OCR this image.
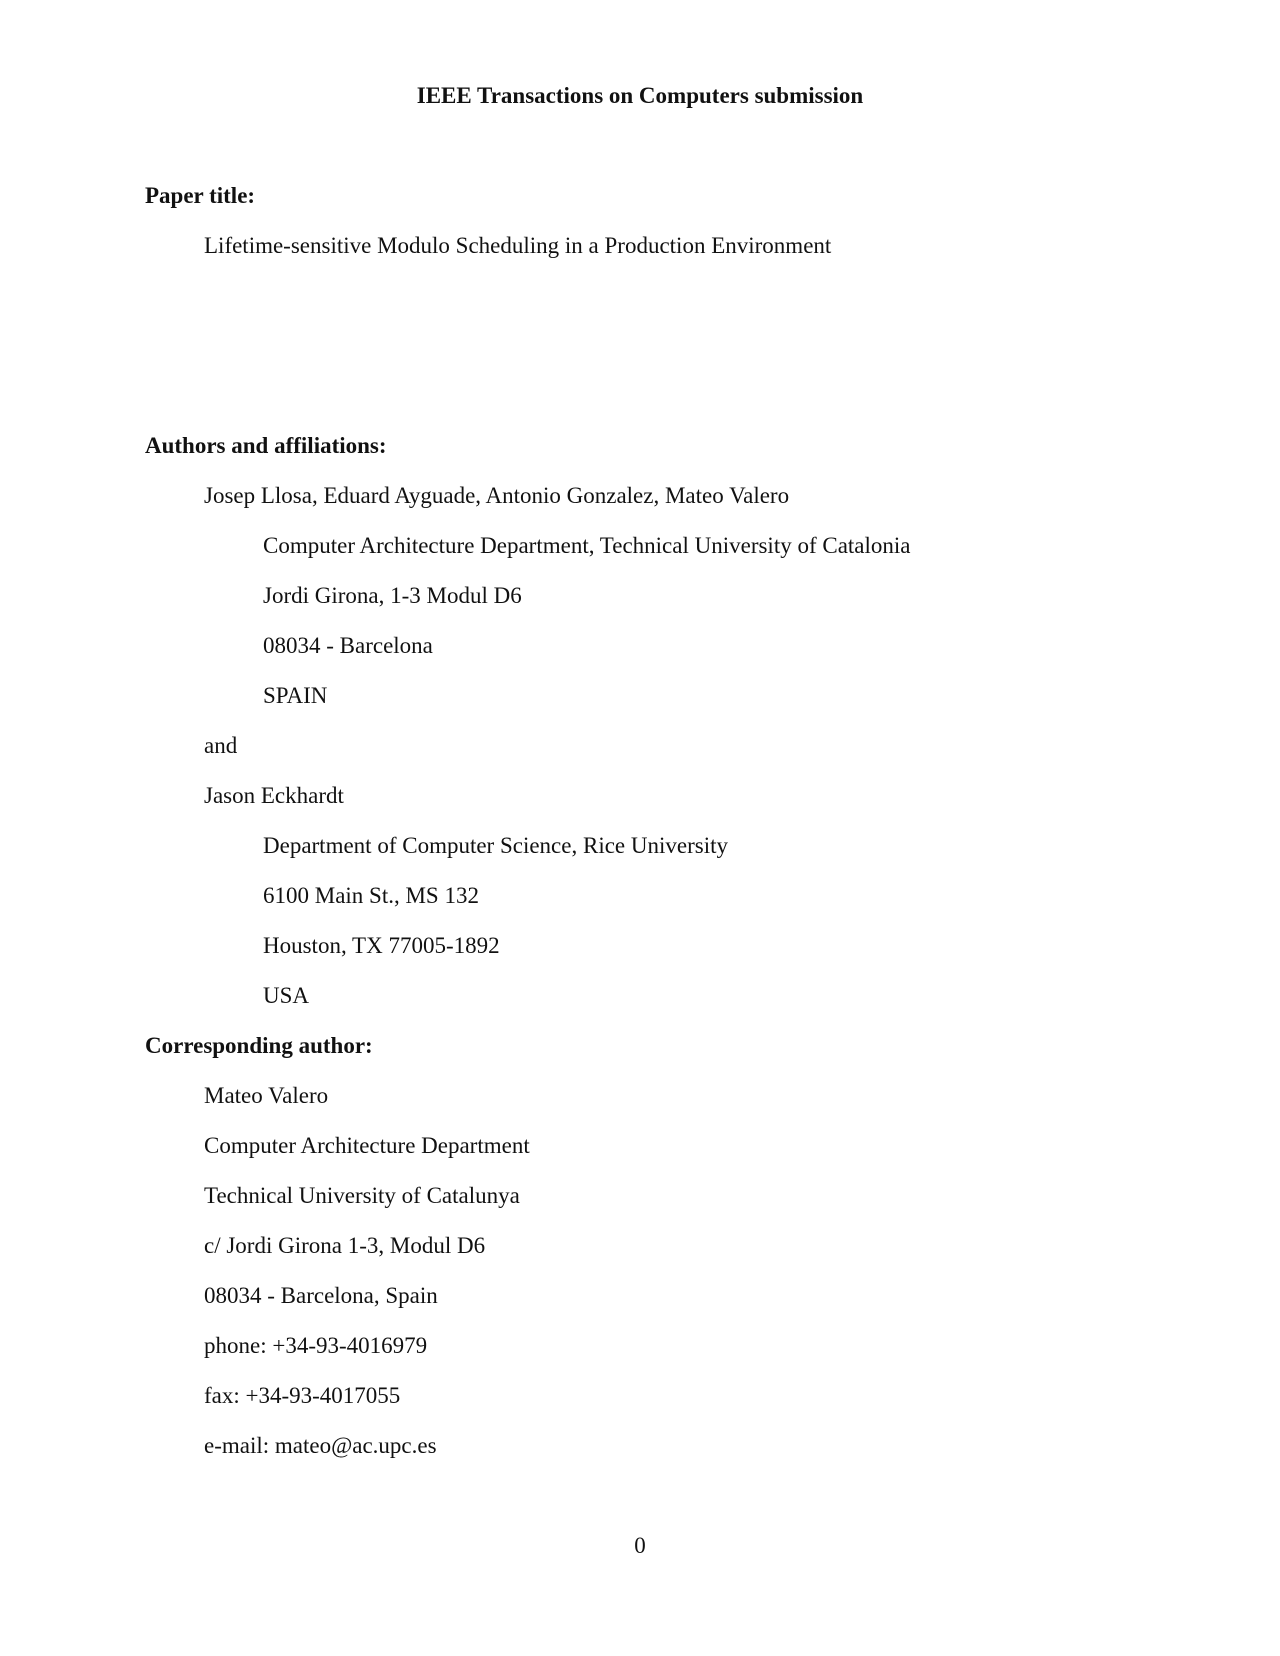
IEEE Transactions on Computers submission
Paper title:
Lifetime-sensitive Modulo Scheduling in a Production Environment
Authors and affiliations:
Josep Llosa, Eduard Ayguade, Antonio Gonzalez, Mateo Valero
Computer Architecture Department, Technical University of Catalonia
Jordi Girona, 1-3 Modul D6
08034 - Barcelona
SPAIN
and
Jason Eckhardt
Department of Computer Science, Rice University
6100 Main St., MS 132
Houston, TX 77005-1892
USA
Corresponding author:
Mateo Valero
Computer Architecture Department
Technical University of Catalunya
c/ Jordi Girona 1-3, Modul D6
08034 - Barcelona, Spain
phone: +34-93-4016979
fax: +34-93-4017055
e-mail: mateo@ac.upc.es
0
